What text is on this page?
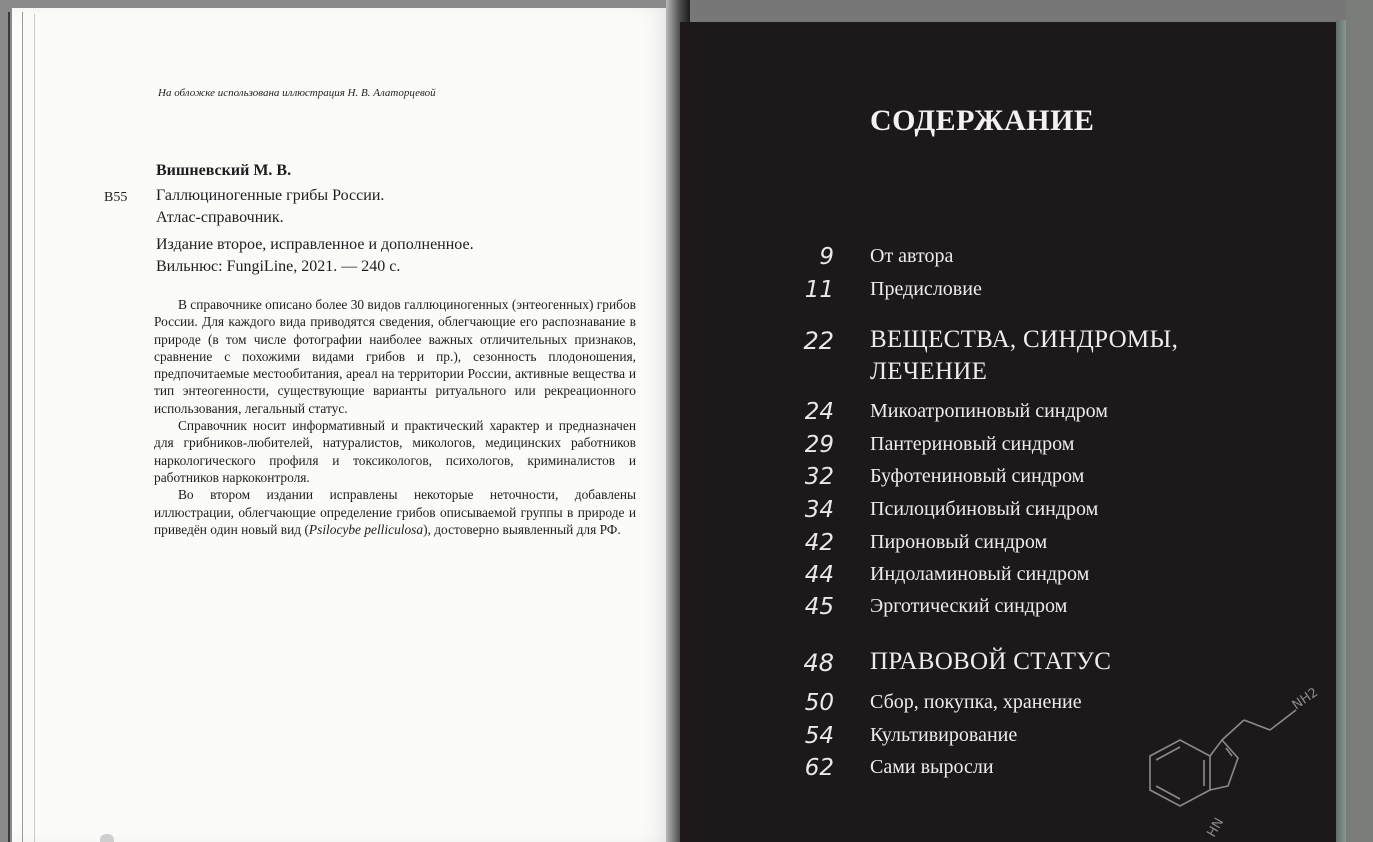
На обложке использована иллюстрация Н. В. Алаторцевой
Вишневский М. В.
В55 Галлюциногенные грибы России.
Атлас-справочник.
Издание второе, исправленное и дополненное.
Вильнюс: FungiLine, 2021. — 240 с.

В справочнике описано более 30 видов галлюциногенных (энтеогенных) грибов России. Для каждого вида приводятся сведения, облегчающие его распознавание в природе (в том числе фотографии наиболее важных отличительных признаков, сравнение с похожими видами грибов и пр.), сезонность плодоношения, предпочитаемые местообитания, ареал на территории России, активные вещества и тип энтеогенности, существующие варианты ритуального или рекреационного использования, легальный статус.

Справочник носит информативный и практический характер и предназначен для грибников-любителей, натуралистов, микологов, медицинских работников наркологического профиля и токсикологов, психологов, криминалистов и работников наркоконтроля.

Во втором издании исправлены некоторые неточности, добавлены иллюстрации, облегчающие определение грибов описываемой группы в природе и приведён один новый вид (Psilocybe pelliculosa), достоверно выявленный для РФ.

СОДЕРЖАНИЕ
9 От автора
11 Предисловие
22 ВЕЩЕСТВА, СИНДРОМЫ,
ЛЕЧЕНИЕ
24 Микоатропиновый синдром
29 Пантериновый синдром
32 Буфотениновый синдром
34 Псилоцибиновый синдром
42 Пироновый синдром
44 Индоламиновый синдром
45 Эрготический синдром
48 ПРАВОВОЙ СТАТУС
50 Сбор, покупка, хранение
54 Культивирование
62 Сами выросли
NH2
HN
